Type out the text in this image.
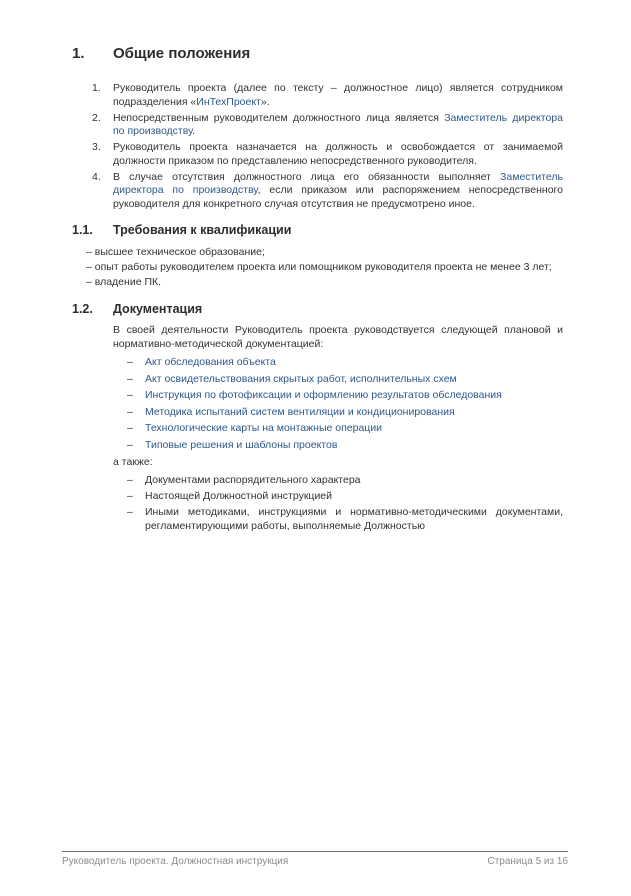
1.	Общие положения
1.	Руководитель проекта (далее по тексту – должностное лицо) является сотрудником подразделения «ИнТехПроект».
2.	Непосредственным руководителем должностного лица является Заместитель директора по производству.
3.	Руководитель проекта назначается на должность и освобождается от занимаемой должности приказом по представлению непосредственного руководителя.
4.	В случае отсутствия должностного лица его обязанности выполняет Заместитель директора по производству, если приказом или распоряжением непосредственного руководителя для конкретного случая отсутствия не предусмотрено иное.
1.1.	Требования к квалификации
– высшее техническое образование;
– опыт работы руководителем проекта или помощником руководителя проекта не менее 3 лет;
– владение ПК.
1.2.	Документация
В своей деятельности Руководитель проекта руководствуется следующей плановой и нормативно-методической документацией:
–	Акт обследования объекта
–	Акт освидетельствования скрытых работ, исполнительных схем
–	Инструкция по фотофиксации и оформлению результатов обследования
–	Методика испытаний систем вентиляции и кондиционирования
–	Технологические карты на монтажные операции
–	Типовые решения и шаблоны проектов
а также:
–	Документами распорядительного характера
–	Настоящей Должностной инструкцией
–	Иными методиками, инструкциями и нормативно-методическими документами, регламентирующими работы, выполняемые Должностью
Руководитель проекта. Должностная инструкция	Страница 5 из 16
